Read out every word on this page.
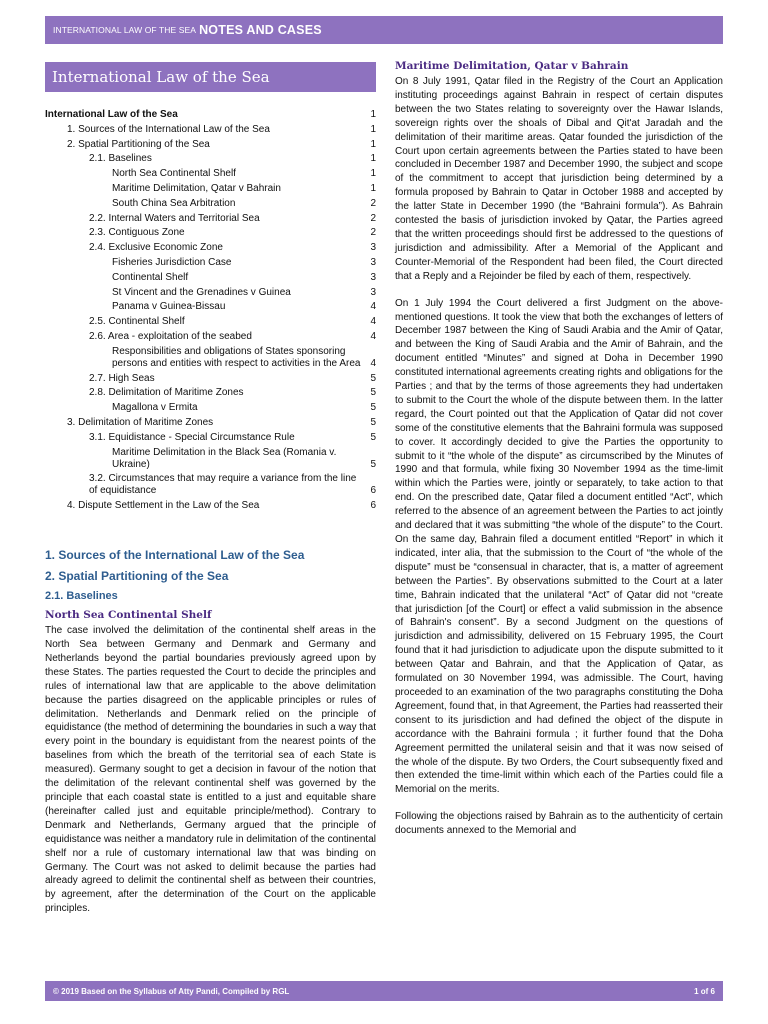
INTERNATIONAL LAW OF THE SEA NOTES AND CASES
International Law of the Sea
International Law of the Sea	1
1. Sources of the International Law of the Sea	1
2. Spatial Partitioning of the Sea	1
2.1. Baselines	1
North Sea Continental Shelf	1
Maritime Delimitation, Qatar v Bahrain	1
South China Sea Arbitration	2
2.2. Internal Waters and Territorial Sea	2
2.3. Contiguous Zone	2
2.4. Exclusive Economic Zone	3
Fisheries Jurisdiction Case	3
Continental Shelf	3
St Vincent and the Grenadines v Guinea	3
Panama v Guinea-Bissau	4
2.5. Continental Shelf	4
2.6. Area - exploitation of the seabed	4
Responsibilities and obligations of States sponsoring persons and entities with respect to activities in the Area 4
2.7. High Seas	5
2.8. Delimitation of Maritime Zones	5
Magallona v Ermita	5
3. Delimitation of Maritime Zones	5
3.1. Equidistance - Special Circumstance Rule	5
Maritime Delimitation in the Black Sea (Romania v. Ukraine)	5
3.2. Circumstances that may require a variance from the line of equidistance	6
4. Dispute Settlement in the Law of the Sea	6
1. Sources of the International Law of the Sea
2. Spatial Partitioning of the Sea
2.1. Baselines
North Sea Continental Shelf
The case involved the delimitation of the continental shelf areas in the North Sea between Germany and Denmark and Germany and Netherlands beyond the partial boundaries previously agreed upon by these States. The parties requested the Court to decide the principles and rules of international law that are applicable to the above delimitation because the parties disagreed on the applicable principles or rules of delimitation. Netherlands and Denmark relied on the principle of equidistance (the method of determining the boundaries in such a way that every point in the boundary is equidistant from the nearest points of the baselines from which the breath of the territorial sea of each State is measured). Germany sought to get a decision in favour of the notion that the delimitation of the relevant continental shelf was governed by the principle that each coastal state is entitled to a just and equitable share (hereinafter called just and equitable principle/method). Contrary to Denmark and Netherlands, Germany argued that the principle of equidistance was neither a mandatory rule in delimitation of the continental shelf nor a rule of customary international law that was binding on Germany. The Court was not asked to delimit because the parties had already agreed to delimit the continental shelf as between their countries, by agreement, after the determination of the Court on the applicable principles.
Maritime Delimitation, Qatar v Bahrain
On 8 July 1991, Qatar filed in the Registry of the Court an Application instituting proceedings against Bahrain in respect of certain disputes between the two States relating to sovereignty over the Hawar Islands, sovereign rights over the shoals of Dibal and Qit'at Jaradah and the delimitation of their maritime areas. Qatar founded the jurisdiction of the Court upon certain agreements between the Parties stated to have been concluded in December 1987 and December 1990, the subject and scope of the commitment to accept that jurisdiction being determined by a formula proposed by Bahrain to Qatar in October 1988 and accepted by the latter State in December 1990 (the “Bahraini formula”). As Bahrain contested the basis of jurisdiction invoked by Qatar, the Parties agreed that the written proceedings should first be addressed to the questions of jurisdiction and admissibility. After a Memorial of the Applicant and Counter-Memorial of the Respondent had been filed, the Court directed that a Reply and a Rejoinder be filed by each of them, respectively.
On 1 July 1994 the Court delivered a first Judgment on the above-mentioned questions. It took the view that both the exchanges of letters of December 1987 between the King of Saudi Arabia and the Amir of Qatar, and between the King of Saudi Arabia and the Amir of Bahrain, and the document entitled “Minutes” and signed at Doha in December 1990 constituted international agreements creating rights and obligations for the Parties ; and that by the terms of those agreements they had undertaken to submit to the Court the whole of the dispute between them. In the latter regard, the Court pointed out that the Application of Qatar did not cover some of the constitutive elements that the Bahraini formula was supposed to cover. It accordingly decided to give the Parties the opportunity to submit to it “the whole of the dispute” as circumscribed by the Minutes of 1990 and that formula, while fixing 30 November 1994 as the time-limit within which the Parties were, jointly or separately, to take action to that end. On the prescribed date, Qatar filed a document entitled “Act”, which referred to the absence of an agreement between the Parties to act jointly and declared that it was submitting “the whole of the dispute” to the Court. On the same day, Bahrain filed a document entitled “Report” in which it indicated, inter alia, that the submission to the Court of “the whole of the dispute” must be “consensual in character, that is, a matter of agreement between the Parties”. By observations submitted to the Court at a later time, Bahrain indicated that the unilateral “Act” of Qatar did not “create that jurisdiction [of the Court] or effect a valid submission in the absence of Bahrain's consent”. By a second Judgment on the questions of jurisdiction and admissibility, delivered on 15 February 1995, the Court found that it had jurisdiction to adjudicate upon the dispute submitted to it between Qatar and Bahrain, and that the Application of Qatar, as formulated on 30 November 1994, was admissible. The Court, having proceeded to an examination of the two paragraphs constituting the Doha Agreement, found that, in that Agreement, the Parties had reasserted their consent to its jurisdiction and had defined the object of the dispute in accordance with the Bahraini formula ; it further found that the Doha Agreement permitted the unilateral seisin and that it was now seised of the whole of the dispute. By two Orders, the Court subsequently fixed and then extended the time-limit within which each of the Parties could file a Memorial on the merits.
Following the objections raised by Bahrain as to the authenticity of certain documents annexed to the Memorial and
© 2019 Based on the Syllabus of Atty Pandi, Compiled by RGL	1 of 6
